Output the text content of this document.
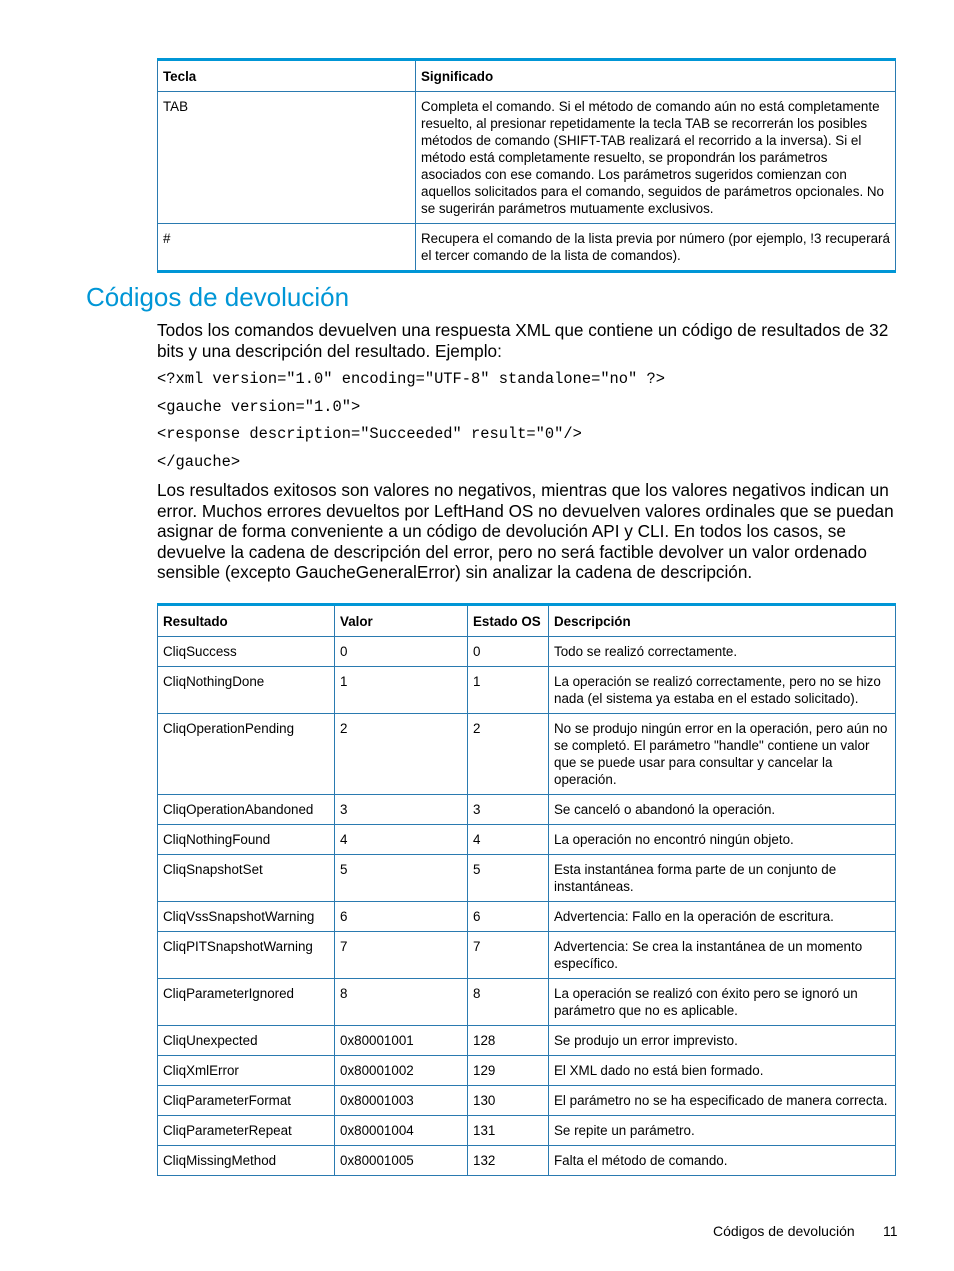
Tecla	Significado
TAB	Completa el comando. Si el método de comando aún no está completamente resuelto, al presionar repetidamente la tecla TAB se recorrerán los posibles métodos de comando (SHIFT-TAB realizará el recorrido a la inversa). Si el método está completamente resuelto, se propondrán los parámetros asociados con ese comando. Los parámetros sugeridos comienzan con aquellos solicitados para el comando, seguidos de parámetros opcionales. No se sugerirán parámetros mutuamente exclusivos.
#	Recupera el comando de la lista previa por número (por ejemplo, !3 recuperará el tercer comando de la lista de comandos).
Códigos de devolución

Todos los comandos devuelven una respuesta XML que contiene un código de resultados de 32 bits y una descripción del resultado. Ejemplo:

<?xml version="1.0" encoding="UTF-8" standalone="no" ?>
<gauche version="1.0">
<response description="Succeeded" result="0"/>
</gauche>

Los resultados exitosos son valores no negativos, mientras que los valores negativos indican un error. Muchos errores devueltos por LeftHand OS no devuelven valores ordinales que se puedan asignar de forma conveniente a un código de devolución API y CLI. En todos los casos, se devuelve la cadena de descripción del error, pero no será factible devolver un valor ordenado sensible (excepto GaucheGeneralError) sin analizar la cadena de descripción.

Resultado	Valor	Estado OS	Descripción
CliqSuccess	0	0	Todo se realizó correctamente.
CliqNothingDone	1	1	La operación se realizó correctamente, pero no se hizo nada (el sistema ya estaba en el estado solicitado).
CliqOperationPending	2	2	No se produjo ningún error en la operación, pero aún no se completó. El parámetro "handle" contiene un valor que se puede usar para consultar y cancelar la operación.
CliqOperationAbandoned	3	3	Se canceló o abandonó la operación.
CliqNothingFound	4	4	La operación no encontró ningún objeto.
CliqSnapshotSet	5	5	Esta instantánea forma parte de un conjunto de instantáneas.
CliqVssSnapshotWarning	6	6	Advertencia: Fallo en la operación de escritura.
CliqPITSnapshotWarning	7	7	Advertencia: Se crea la instantánea de un momento específico.
CliqParameterIgnored	8	8	La operación se realizó con éxito pero se ignoró un parámetro que no es aplicable.
CliqUnexpected	0x80001001	128	Se produjo un error imprevisto.
CliqXmlError	0x80001002	129	El XML dado no está bien formado.
CliqParameterFormat	0x80001003	130	El parámetro no se ha especificado de manera correcta.
CliqParameterRepeat	0x80001004	131	Se repite un parámetro.
CliqMissingMethod	0x80001005	132	Falta el método de comando.
Códigos de devolución 11
